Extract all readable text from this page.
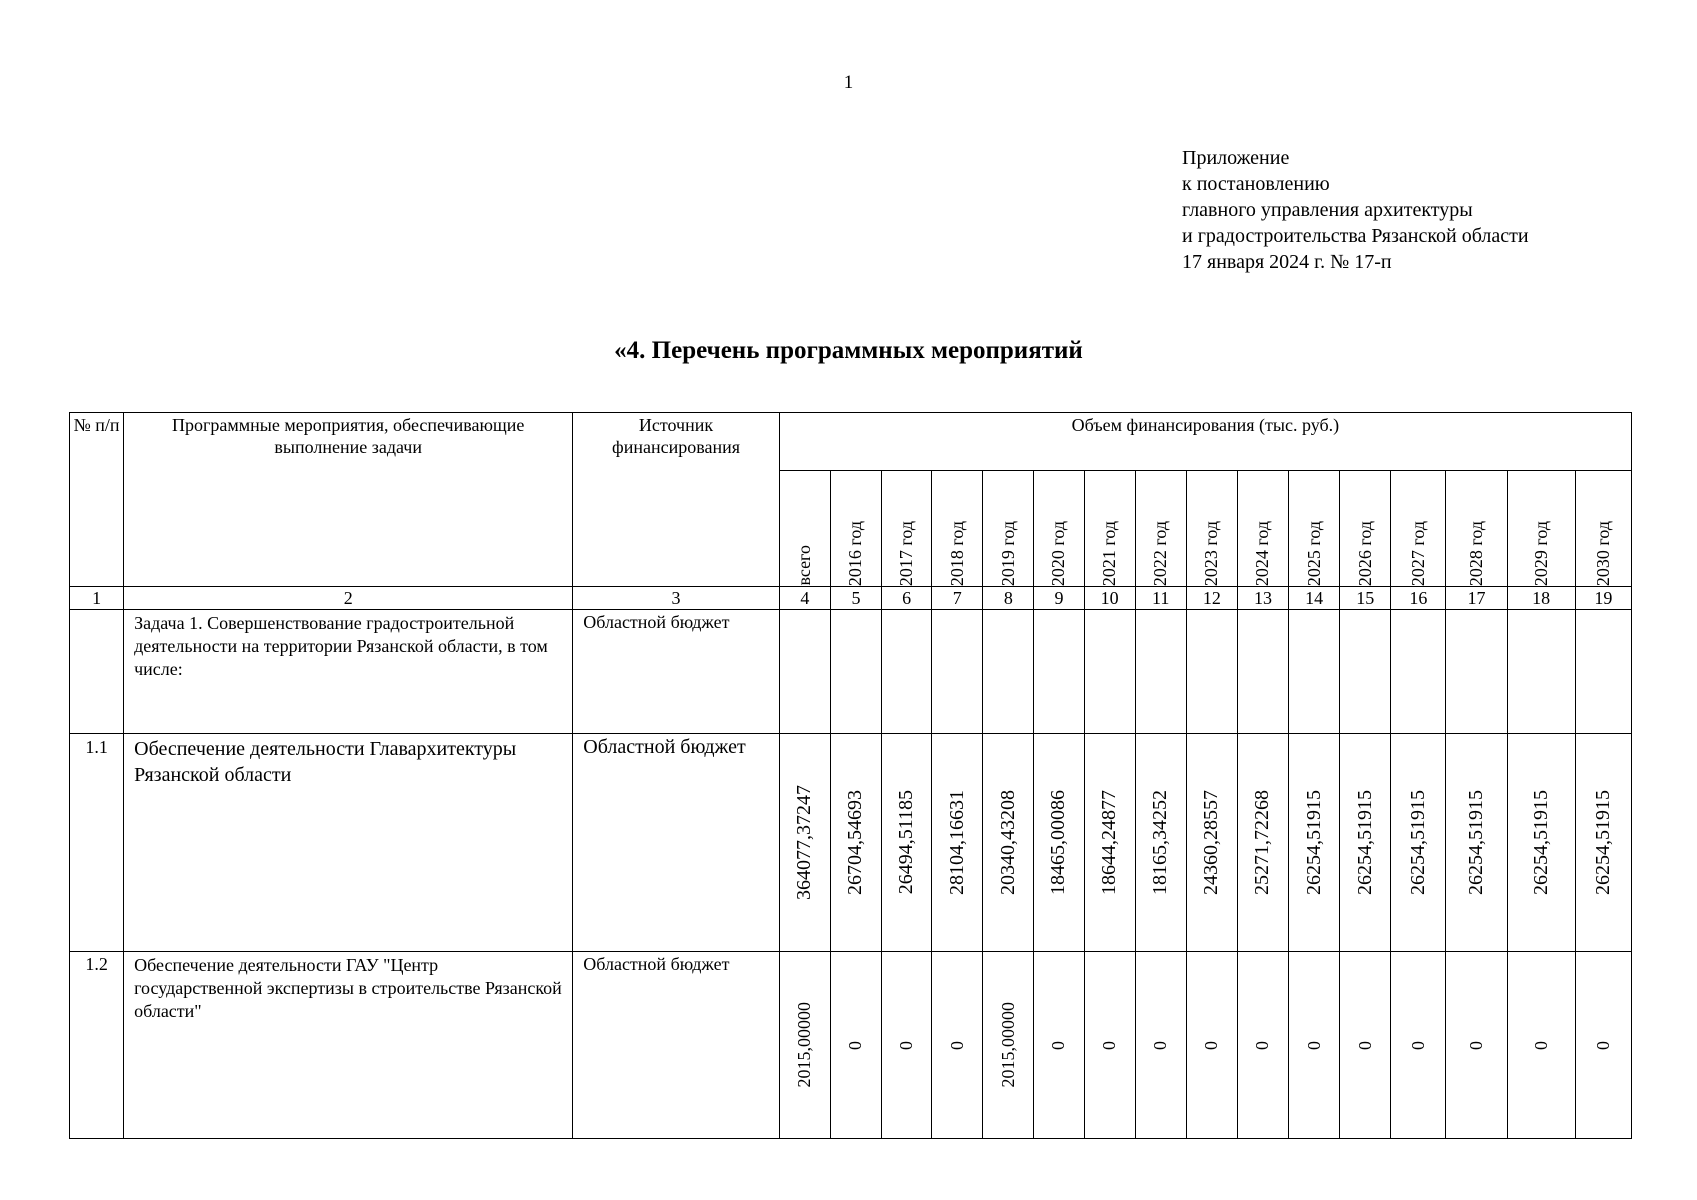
1
Приложение
к постановлению
главного управления архитектуры
и градостроительства Рязанской области
17 января 2024 г. № 17-п
«4. Перечень программных мероприятий
№ п/п	Программные мероприятия, обеспечивающие выполнение задачи	Источник финансирования	Объем финансирования (тыс. руб.)															

			всего	2016 год	2017 год	2018 год	2019 год	2020 год	2021 год	2022 год	2023 год	2024 год	2025 год	2026 год	2027 год	2028 год	2029 год	2030 год

1	2	3	4	5	6	7	8	9	10	11	12	13	14	15	16	17	18	19
	Задача 1. Совершенствование градостроительной деятельности на территории Рязанской области, в том числе:	Областной бюджет	

1.1	Обеспечение деятельности Главархитектуры Рязанской области	Областной бюджет	364077,37247	26704,54693	26494,51185	28104,16631	20340,43208	18465,00086	18644,24877	18165,34252	24360,28557	25271,72268	26254,51915	26254,51915	26254,51915	26254,51915	26254,51915	26254,51915

1.2	Обеспечение деятельности ГАУ "Центр государственной экспертизы в строительстве Рязанской области"	Областной бюджет	2015,00000	0	0	0	2015,00000	0	0	0	0	0	0	0	0	0	0	0
